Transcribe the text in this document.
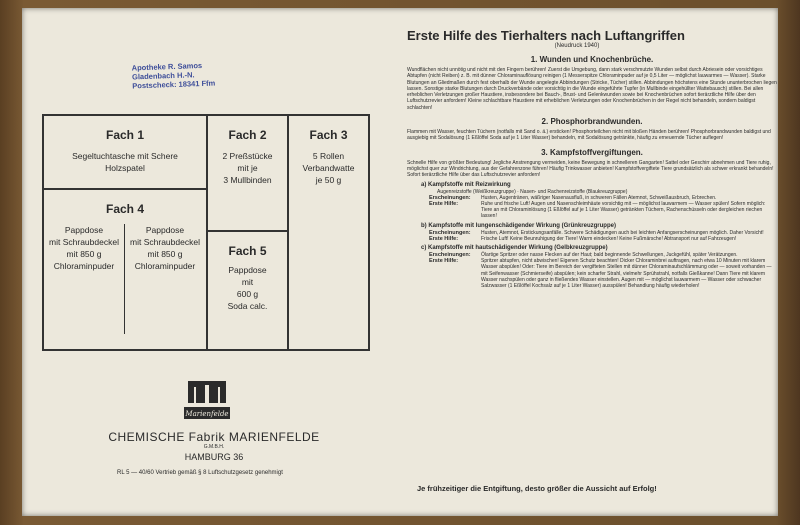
Apotheke R. Samos
Gladenbach H.-N.
Postscheck: 18341 Ffm
Fach 1

Segeltuchtasche mit Schere

Holzspatel

Fach 2

2 Preßstücke

mit je

3 Mullbinden

Fach 3

5 Rollen

Verbandwatte

je 50 g

Fach 4

Pappdose

mit Schraubdeckel

mit 850 g

Chloraminpuder

Pappdose

mit Schraubdeckel

mit 850 g

Chloraminpuder

Fach 5

Pappdose

mit

600 g

Soda calc.

Marienfelde
CHEMISCHE Fabrik MARIENFELDE
G.M.B.H.
HAMBURG 36
RL 5 — 40/60 Vertrieb gemäß § 8 Luftschutzgesetz genehmigt
Erste Hilfe des Tierhalters nach Luftangriffen
(Neudruck 1940)
1. Wunden und Knochenbrüche.
Wundflächen nicht unnötig und nicht mit den Fingern berühren! Zuerst die Umgebung, dann stark verschmutzte Wunden selbst durch Abriesein oder vorsichtiges Abtupfen (nicht Reiben) z. B. mit dünner Chloraminauflösung reinigen (1 Messerspitze Chloraminpuder auf je 0,5 Liter — möglichst lauwarmes — Wasser). Starke Blutungen an Gliedmaßen durch fest oberhalb der Wunde angelegte Abbindungen (Stricke, Tücher) stillen. Abbindungen höchstens eine Stunde ununterbrochen liegen lassen. Sonstige starke Blutungen durch Druckverbände oder vorsichtig in die Wunde eingeführte Tupfer (in Mullbinde eingehüllter Wattebausch) stillen. Bei allen erheblichen Verletzungen großer Haustiere, insbesondere bei Bauch-, Brust- und Gelenkwunden sowie bei Knochenbrüchen sofort tierärztliche Hilfe über den Luftschutzrevier anfordern! Kleine schlachtbare Haustiere mit erheblichen Verletzungen oder Knochenbrüchen in der Regel nicht behandeln, sondern baldigst schlachten!
2. Phosphorbrandwunden.
Flammen mit Wasser, feuchten Tüchern (notfalls mit Sand o. ä.) ersticken! Phosphorteilchen nicht mit bloßen Händen berühren! Phosphorbrandwunden baldigst und ausgiebig mit Sodalösung (1 Eßlöffel Soda auf je 1 Liter Wasser) behandeln, mit Sodalösung getränkte, häufig zu erneuernde Tücher auflegen!
3. Kampfstoffvergiftungen.
Schnelle Hilfe von größter Bedeutung! Jegliche Anstrengung vermeiden, keine Bewegung in schnelleren Gangarten! Sattel oder Geschirr abnehmen und Tiere ruhig, möglichst quer zur Windrichtung, aus der Gefahrenzone führen! Häufig Trinkwasser anbieten! Kampfstoffvergiftete Tiere grundsätzlich als schwer erkrankt behandeln! Sofort tierärztliche Hilfe über das Luftschutzrevier anfordern!
a) Kampfstoffe mit Reizwirkung
Augenreizstoffe (Weißkreuzgruppe) · Nasen- und Rachenreizstoffe (Blaukreuzgruppe)
Erscheinungen:	Husten, Augentränen, wäßriger Nasenausfluß, in schweren Fällen Atemnot, Schweißausbruch, Erbrechen.
Erste Hilfe:	Ruhe und frische Luft! Augen und Nasenschleimhäute vorsichtig mit — möglichst lauwarmem — Wasser spülen! Sofern möglich: Tiere an mit Chloraminlösung (1 Eßlöffel auf je 1 Liter Wasser) getränkten Tüchern, Rachenschüsseln oder dergleichen riechen lassen!
b) Kampfstoffe mit lungenschädigender Wirkung (Grünkreuzgruppe)
Erscheinungen:	Husten, Atemnot, Erstickungsanfälle. Schwere Schädigungen auch bei leichten Anfangserscheinungen möglich. Daher Vorsicht!
Erste Hilfe:	Frische Luft! Keine Beunruhigung der Tiere! Warm eindecken! Keine Fußmärsche! Abtransport nur auf Fahrzeugen!
c) Kampfstoffe mit hautschädigender Wirkung (Gelbkreuzgruppe)
Erscheinungen:	Ölartige Spritzer oder nasse Flecken auf der Haut; bald beginnende Schwellungen, Juckgefühl, später Verätzungen.
Erste Hilfe:	Spritzer abtupfen, nicht abwischen! Eigenen Schutz beachten! Dicker Chloraminbrei auftragen, nach etwa 10 Minuten mit klarem Wasser abspülen! Oder: Tiere im Bereich der vergifteten Stellen mit dünner Chloraminaufschlämmung oder — soweit vorhanden — mit Seifenwasser (Schmierseife) abspülen; kein scharfer Strahl, vielmehr Sprühstrahl, notfalls Gießkanne! Dann Tiere mit klarem Wasser nachspülen oder ganz in fließendes Wasser einstellen. Augen mit — möglichst lauwarmem — Wasser oder schwacher Salzwasser (1 Eßlöffel Kochsalz auf je 1 Liter Wasser) ausspülen! Behandlung häufig wiederholen!
Je frühzeitiger die Entgiftung, desto größer die Aussicht auf Erfolg!
